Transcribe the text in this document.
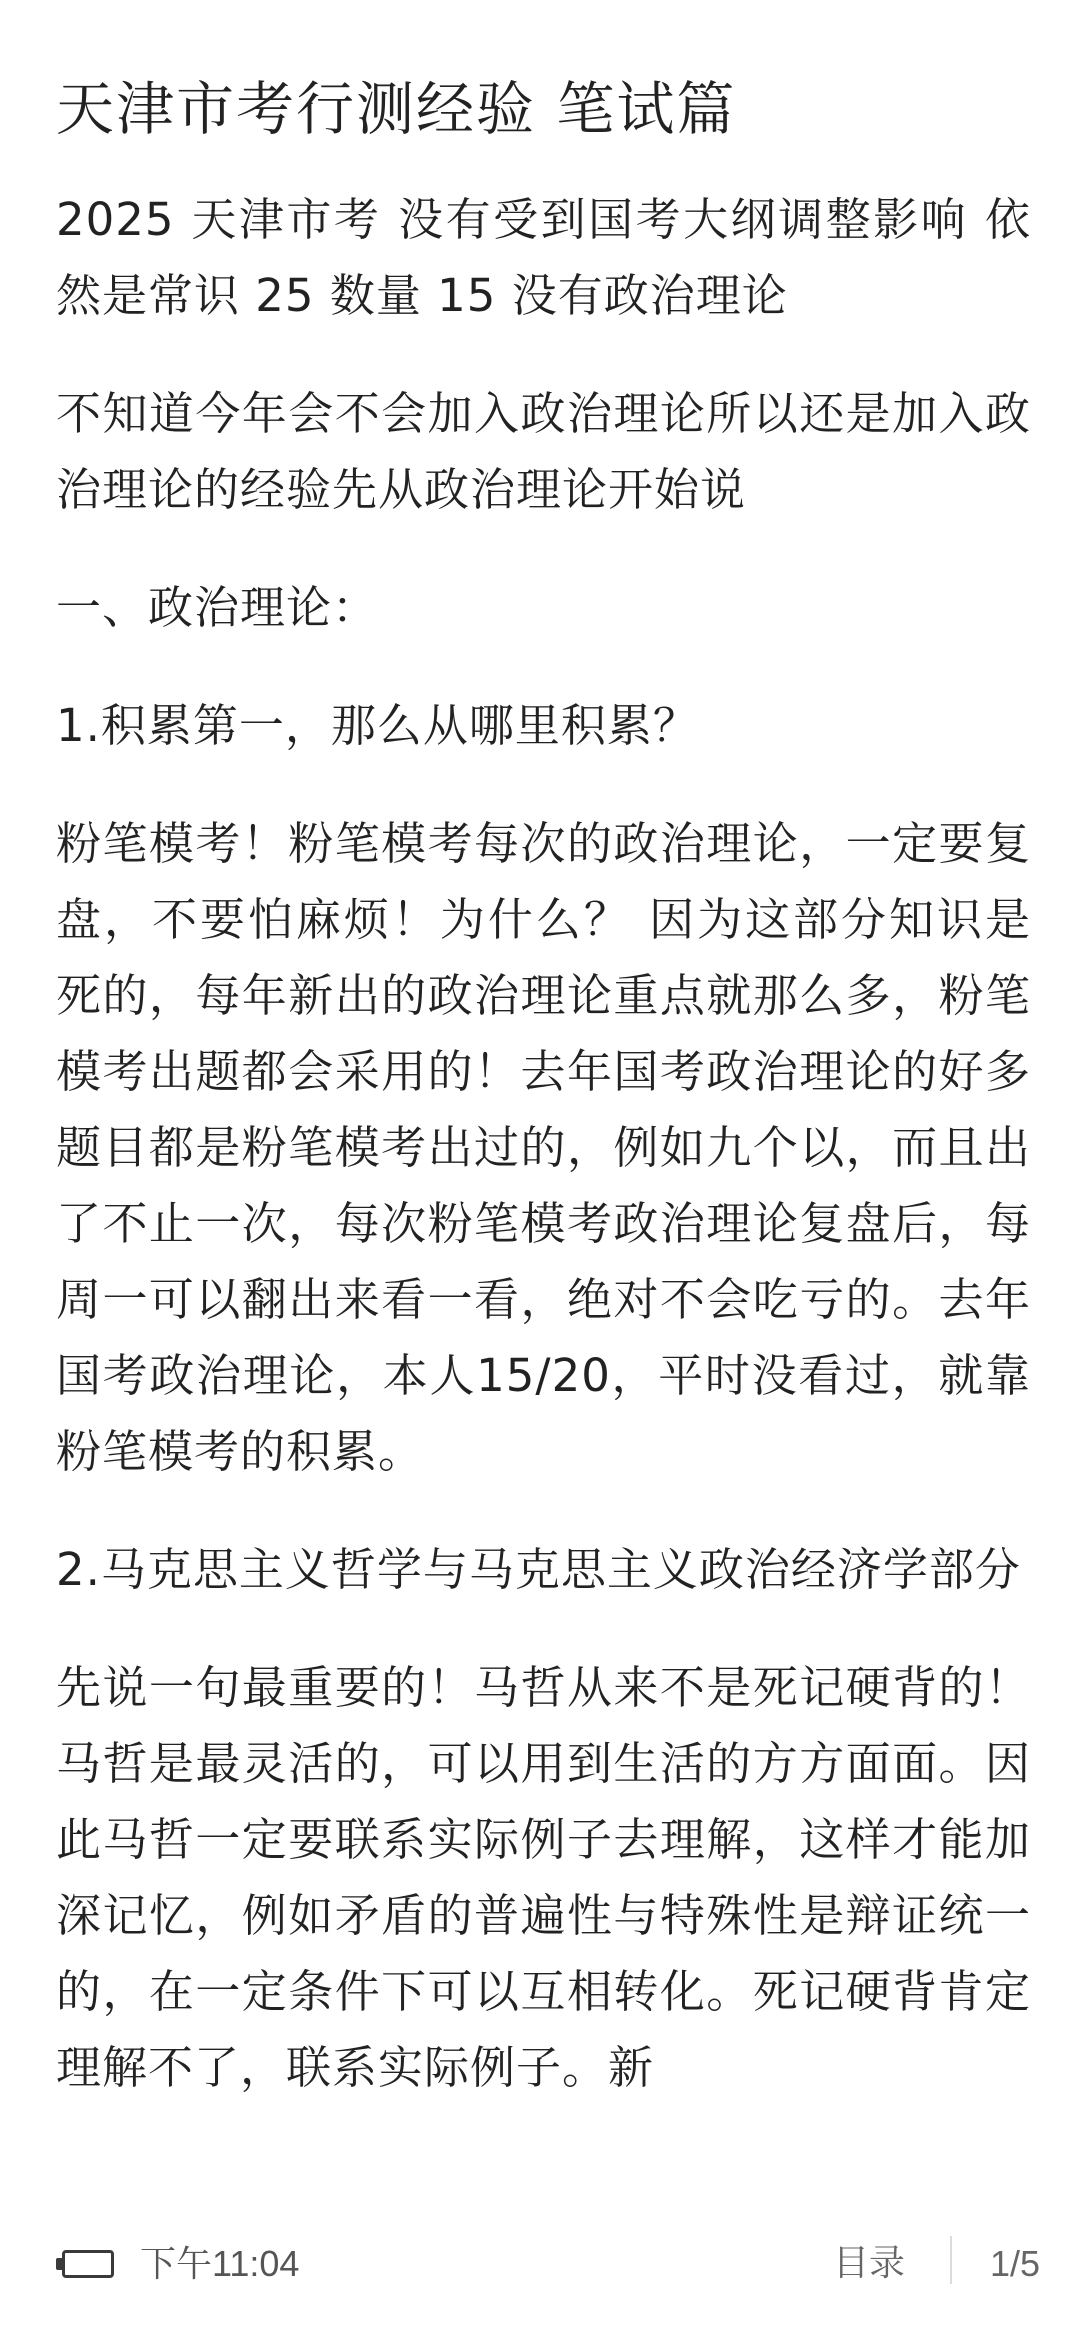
天津市考行测经验 笔试篇

2025 天津市考 没有受到国考大纲调整影响 依然是常识 25 数量 15 没有政治理论

不知道今年会不会加入政治理论所以还是加入政治理论的经验先从政治理论开始说

一、政治理论：

1.积累第一，那么从哪里积累？

粉笔模考！粉笔模考每次的政治理论，一定要复盘，不要怕麻烦！为什么？ 因为这部分知识是死的，每年新出的政治理论重点就那么多，粉笔模考出题都会采用的！去年国考政治理论的好多题目都是粉笔模考出过的，例如九个以，而且出了不止一次，每次粉笔模考政治理论复盘后，每周一可以翻出来看一看，绝对不会吃亏的。去年国考政治理论，本人15/20，平时没看过，就靠粉笔模考的积累。

2.马克思主义哲学与马克思主义政治经济学部分

先说一句最重要的！马哲从来不是死记硬背的！马哲是最灵活的，可以用到生活的方方面面。因此马哲一定要联系实际例子去理解，这样才能加深记忆，例如矛盾的普遍性与特殊性是辩证统一的，在一定条件下可以互相转化。死记硬背肯定理解不了，联系实际例子。新

下午11:04	目录 1/5
